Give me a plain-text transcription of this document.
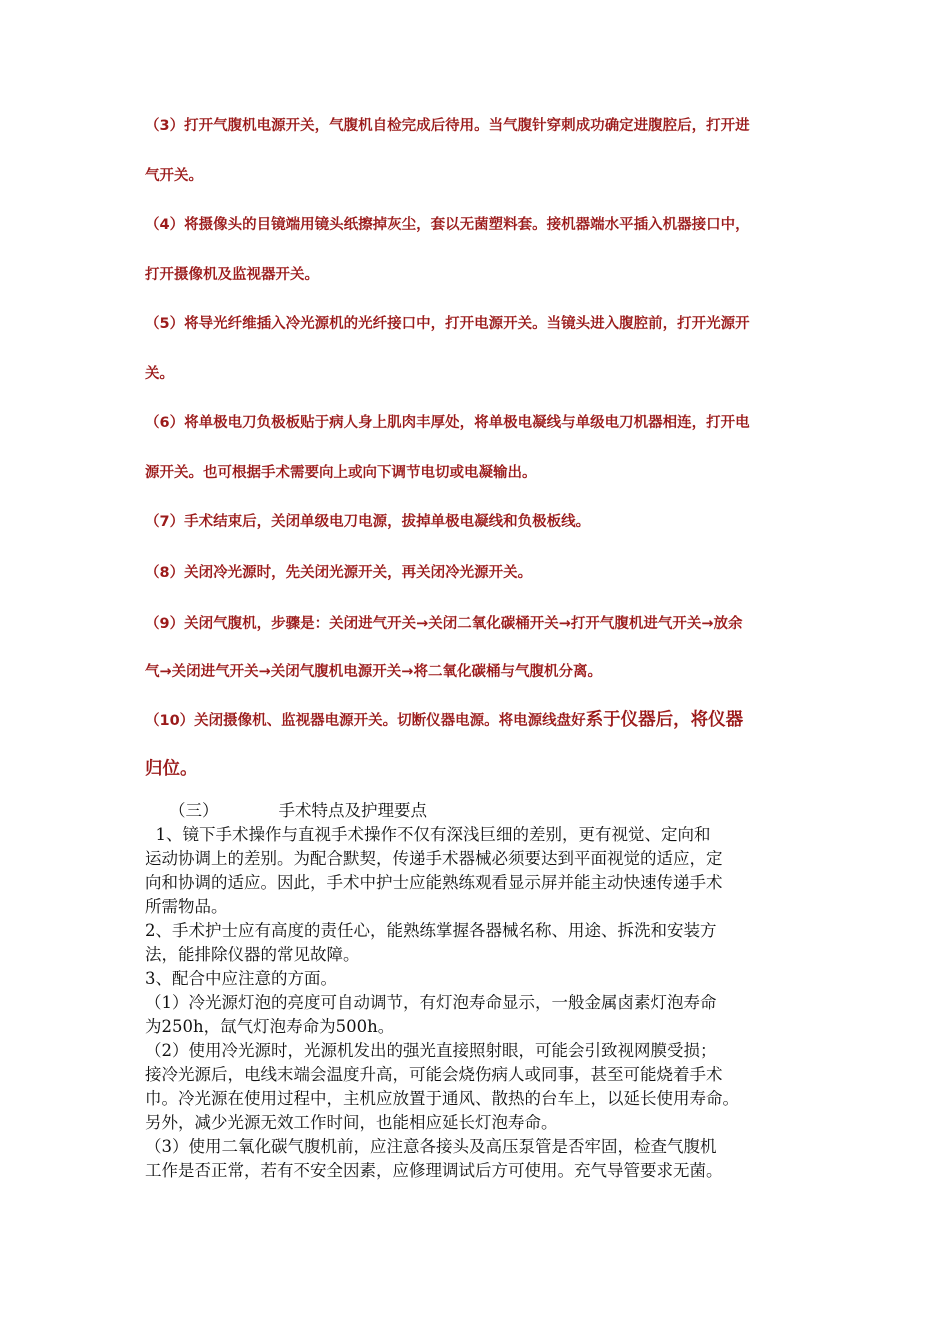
（3）打开气腹机电源开关，气腹机自检完成后待用。当气腹针穿刺成功确定进腹腔后，打开进
气开关。
（4）将摄像头的目镜端用镜头纸擦掉灰尘，套以无菌塑料套。接机器端水平插入机器接口中，
打开摄像机及监视器开关。
（5）将导光纤维插入冷光源机的光纤接口中，打开电源开关。当镜头进入腹腔前，打开光源开
关。
（6）将单极电刀负极板贴于病人身上肌肉丰厚处，将单极电凝线与单级电刀机器相连，打开电
源开关。也可根据手术需要向上或向下调节电切或电凝输出。
（7）手术结束后，关闭单级电刀电源，拔掉单极电凝线和负极板线。
（8）关闭冷光源时，先关闭光源开关，再关闭冷光源开关。
（9）关闭气腹机，步骤是：关闭进气开关→关闭二氧化碳桶开关→打开气腹机进气开关→放余
气→关闭进气开关→关闭气腹机电源开关→将二氧化碳桶与气腹机分离。
（10）关闭摄像机、监视器电源开关。切断仪器电源。将电源线盘好系于仪器后，将仪器
归位。
（三）	手术特点及护理要点
1、镜下手术操作与直视手术操作不仅有深浅巨细的差别，更有视觉、定向和
运动协调上的差别。为配合默契，传递手术器械必须要达到平面视觉的适应，定
向和协调的适应。因此，手术中护士应能熟练观看显示屏并能主动快速传递手术
所需物品。
2、手术护士应有高度的责任心，能熟练掌握各器械名称、用途、拆洗和安装方
法，能排除仪器的常见故障。
3、配合中应注意的方面。
（1）冷光源灯泡的亮度可自动调节，有灯泡寿命显示，一般金属卤素灯泡寿命
为250h，氙气灯泡寿命为500h。
（2）使用冷光源时，光源机发出的强光直接照射眼，可能会引致视网膜受损；
接冷光源后，电线末端会温度升高，可能会烧伤病人或同事，甚至可能烧着手术
巾。冷光源在使用过程中，主机应放置于通风、散热的台车上，以延长使用寿命。
另外，减少光源无效工作时间，也能相应延长灯泡寿命。
（3）使用二氧化碳气腹机前，应注意各接头及高压泵管是否牢固，检查气腹机
工作是否正常，若有不安全因素，应修理调试后方可使用。充气导管要求无菌。
